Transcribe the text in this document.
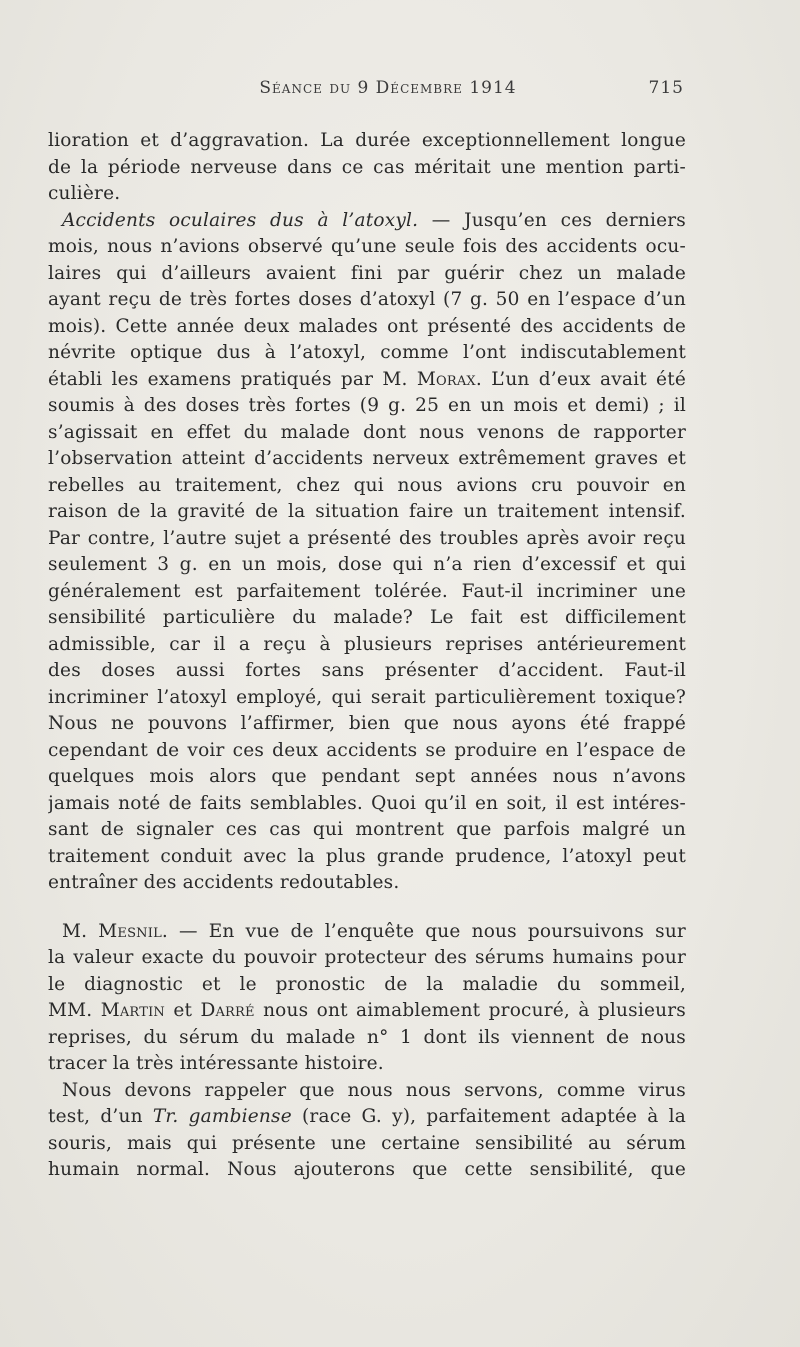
Séance du 9 Décembre 1914	715
lioration et d’aggravation. La durée exceptionnellement longue
de la période nerveuse dans ce cas méritait une mention parti-
culière.
Accidents oculaires dus à l’atoxyl. — Jusqu’en ces derniers
mois, nous n’avions observé qu’une seule fois des accidents ocu-
laires qui d’ailleurs avaient fini par guérir chez un malade
ayant reçu de très fortes doses d’atoxyl (7 g. 50 en l’espace d’un
mois). Cette année deux malades ont présenté des accidents de
névrite optique dus à l’atoxyl, comme l’ont indiscutablement
établi les examens pratiqués par M. Morax. L’un d’eux avait été
soumis à des doses très fortes (9 g. 25 en un mois et demi) ; il
s’agissait en effet du malade dont nous venons de rapporter
l’observation atteint d’accidents nerveux extrêmement graves et
rebelles au traitement, chez qui nous avions cru pouvoir en
raison de la gravité de la situation faire un traitement intensif.
Par contre, l’autre sujet a présenté des troubles après avoir reçu
seulement 3 g. en un mois, dose qui n’a rien d’excessif et qui
généralement est parfaitement tolérée. Faut-il incriminer une
sensibilité particulière du malade? Le fait est difficilement
admissible, car il a reçu à plusieurs reprises antérieurement
des doses aussi fortes sans présenter d’accident. Faut-il
incriminer l’atoxyl employé, qui serait particulièrement toxique?
Nous ne pouvons l’affirmer, bien que nous ayons été frappé
cependant de voir ces deux accidents se produire en l’espace de
quelques mois alors que pendant sept années nous n’avons
jamais noté de faits semblables. Quoi qu’il en soit, il est intéres-
sant de signaler ces cas qui montrent que parfois malgré un
traitement conduit avec la plus grande prudence, l’atoxyl peut
entraîner des accidents redoutables.
M. Mesnil. — En vue de l’enquête que nous poursuivons sur
la valeur exacte du pouvoir protecteur des sérums humains pour
le diagnostic et le pronostic de la maladie du sommeil,
MM. Martin et Darré nous ont aimablement procuré, à plusieurs
reprises, du sérum du malade n° 1 dont ils viennent de nous
tracer la très intéressante histoire.
Nous devons rappeler que nous nous servons, comme virus
test, d’un Tr. gambiense (race G. y), parfaitement adaptée à la
souris, mais qui présente une certaine sensibilité au sérum
humain normal. Nous ajouterons que cette sensibilité, que
